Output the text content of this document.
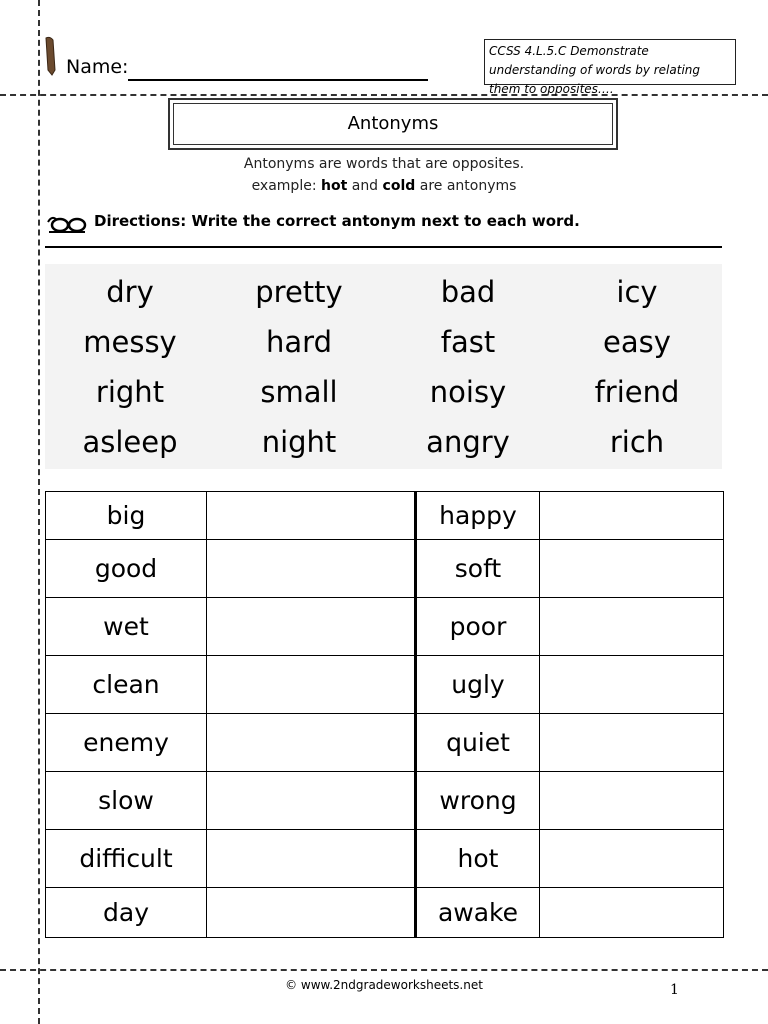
Name:
CCSS 4.L.5.C Demonstrate understanding of words by relating them to opposites….
Antonyms
Antonyms are words that are opposites.
example: hot and cold are antonyms
Directions: Write the correct antonym next to each word.
dry	pretty	bad	icy
messy	hard	fast	easy
right	small	noisy	friend
asleep	night	angry	rich
big		happy	
good		soft	
wet		poor	
clean		ugly	
enemy		quiet	
slow		wrong	
difficult		hot	
day		awake	
© www.2ndgradeworksheets.net	1
